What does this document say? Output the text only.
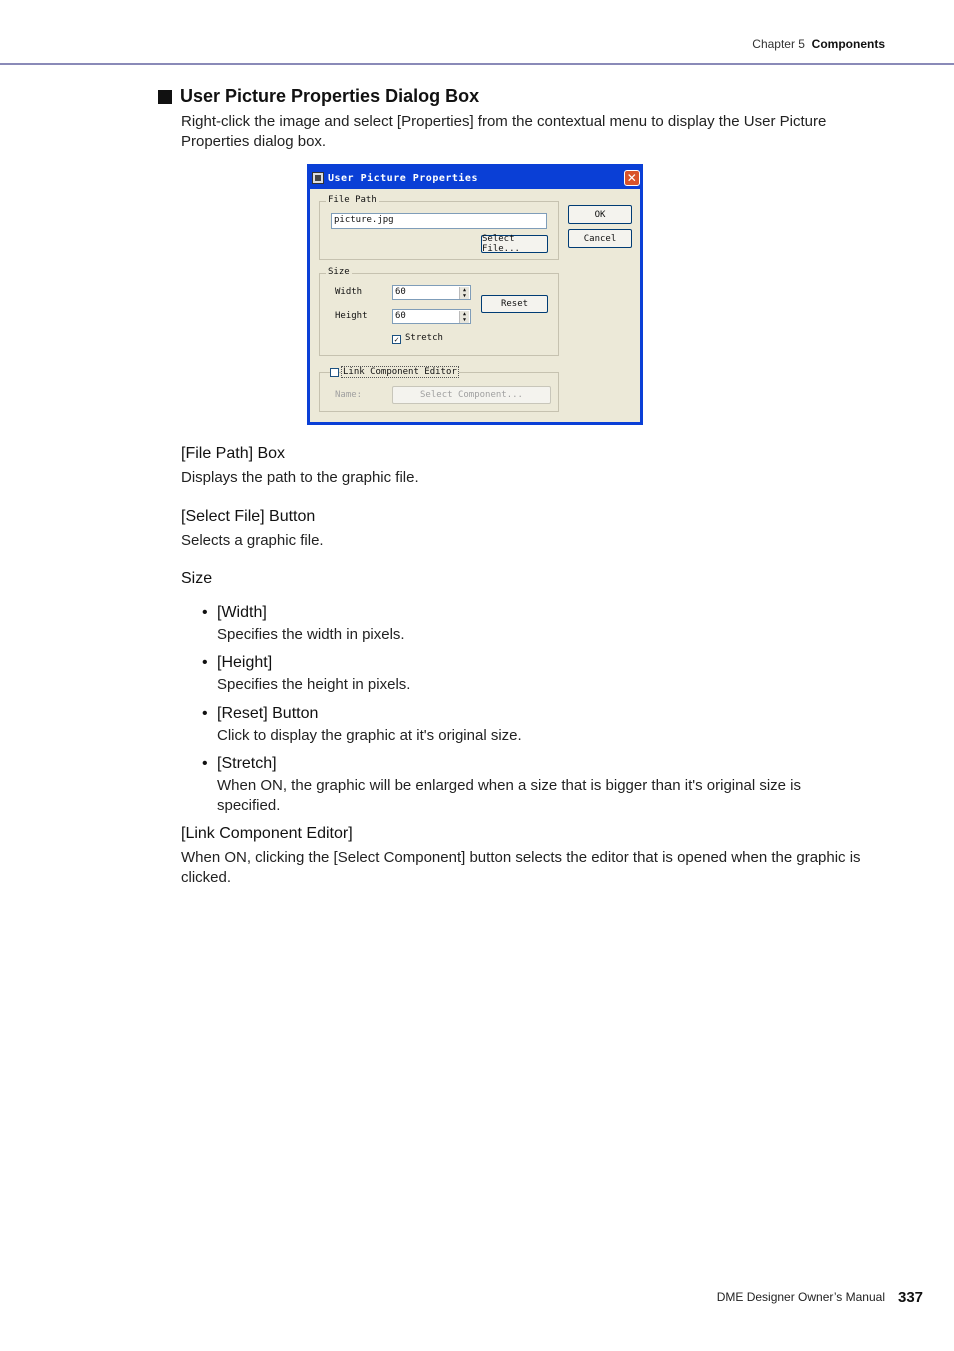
Chapter 5 Components
User Picture Properties Dialog Box
Right-click the image and select [Properties] from the contextual menu to display the User Picture Properties dialog box.
User Picture Properties	✕
File Path
picture.jpg
Select File...
OK
Cancel
Size
Width	60	▲
▼
Height	60	▲
▼
Reset
✓ Stretch
Link Component Editor
Name:	Select Component...
[File Path] Box
Displays the path to the graphic file.
[Select File] Button
Selects a graphic file.
Size
• [Width]
Specifies the width in pixels.
• [Height]
Specifies the height in pixels.
• [Reset] Button
Click to display the graphic at it's original size.
• [Stretch]
When ON, the graphic will be enlarged when a size that is bigger than it's original size is specified.
[Link Component Editor]
When ON, clicking the [Select Component] button selects the editor that is opened when the graphic is clicked.
DME Designer Owner’s Manual 337
